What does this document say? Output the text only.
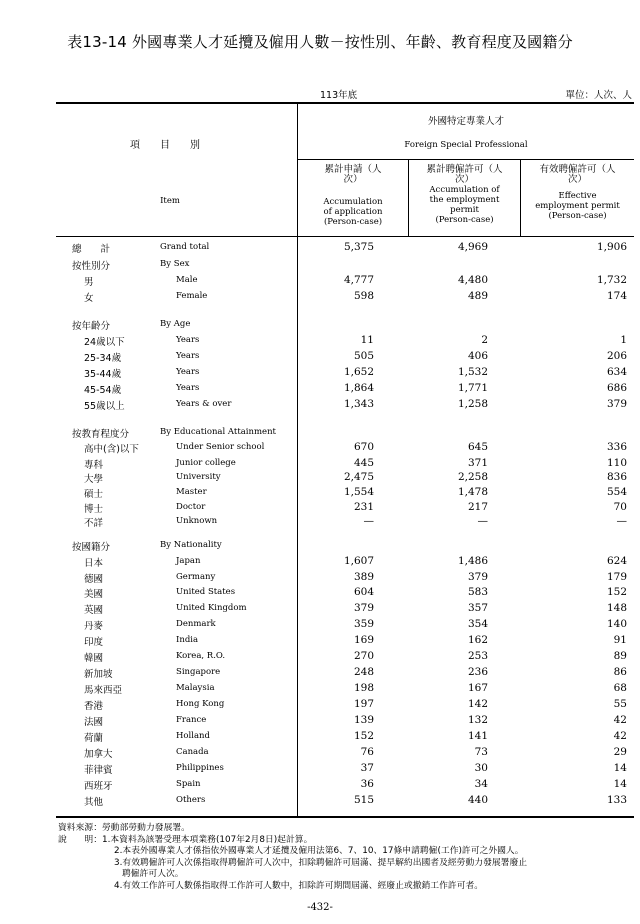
表13-14 外國專業人才延攬及僱用人數－按性別、年齡、教育程度及國籍分
113年底	單位：人次、人
項　　目　　別
Item
外國特定專業人才
Foreign Special Professional
累計申請（人次）
Accumulation
of application
(Person-case)
累計聘僱許可（人次）
Accumulation of
the employment
permit
(Person-case)
有效聘僱許可（人次）
Effective
employment permit
(Person-case)
總　　計	Grand total	5,375	4,969	1,906
按性別分	By Sex
男	Male	4,777	4,480	1,732
女	Female	598	489	174
按年齡分	By Age
24歲以下	Years	11	2	1
25-34歲	Years	505	406	206
35-44歲	Years	1,652	1,532	634
45-54歲	Years	1,864	1,771	686
55歲以上	Years & over	1,343	1,258	379
按教育程度分	By Educational Attainment
高中(含)以下	Under Senior school	670	645	336
專科	Junior college	445	371	110
大學	University	2,475	2,258	836
碩士	Master	1,554	1,478	554
博士	Doctor	231	217	70
不詳	Unknown	—	—	—
按國籍分	By Nationality
日本	Japan	1,607	1,486	624
德國	Germany	389	379	179
美國	United States	604	583	152
英國	United Kingdom	379	357	148
丹麥	Denmark	359	354	140
印度	India	169	162	91
韓國	Korea, R.O.	270	253	89
新加坡	Singapore	248	236	86
馬來西亞	Malaysia	198	167	68
香港	Hong Kong	197	142	55
法國	France	139	132	42
荷蘭	Holland	152	141	42
加拿大	Canada	76	73	29
菲律賓	Philippines	37	30	14
西班牙	Spain	36	34	14
其他	Others	515	440	133
資料來源：勞動部勞動力發展署。
說　　明：1.本資料為該署受理本項業務(107年2月8日)起計算。
2.本表外國專業人才係指依外國專業人才延攬及僱用法第6、7、10、17條申請聘僱(工作)許可之外國人。
3.有效聘僱許可人次係指取得聘僱許可人次中，扣除聘僱許可屆滿、提早解約出國者及經勞動力發展署廢止
聘僱許可人次。
4.有效工作許可人數係指取得工作許可人數中，扣除許可期間屆滿、經廢止或撤銷工作許可者。
-432-
